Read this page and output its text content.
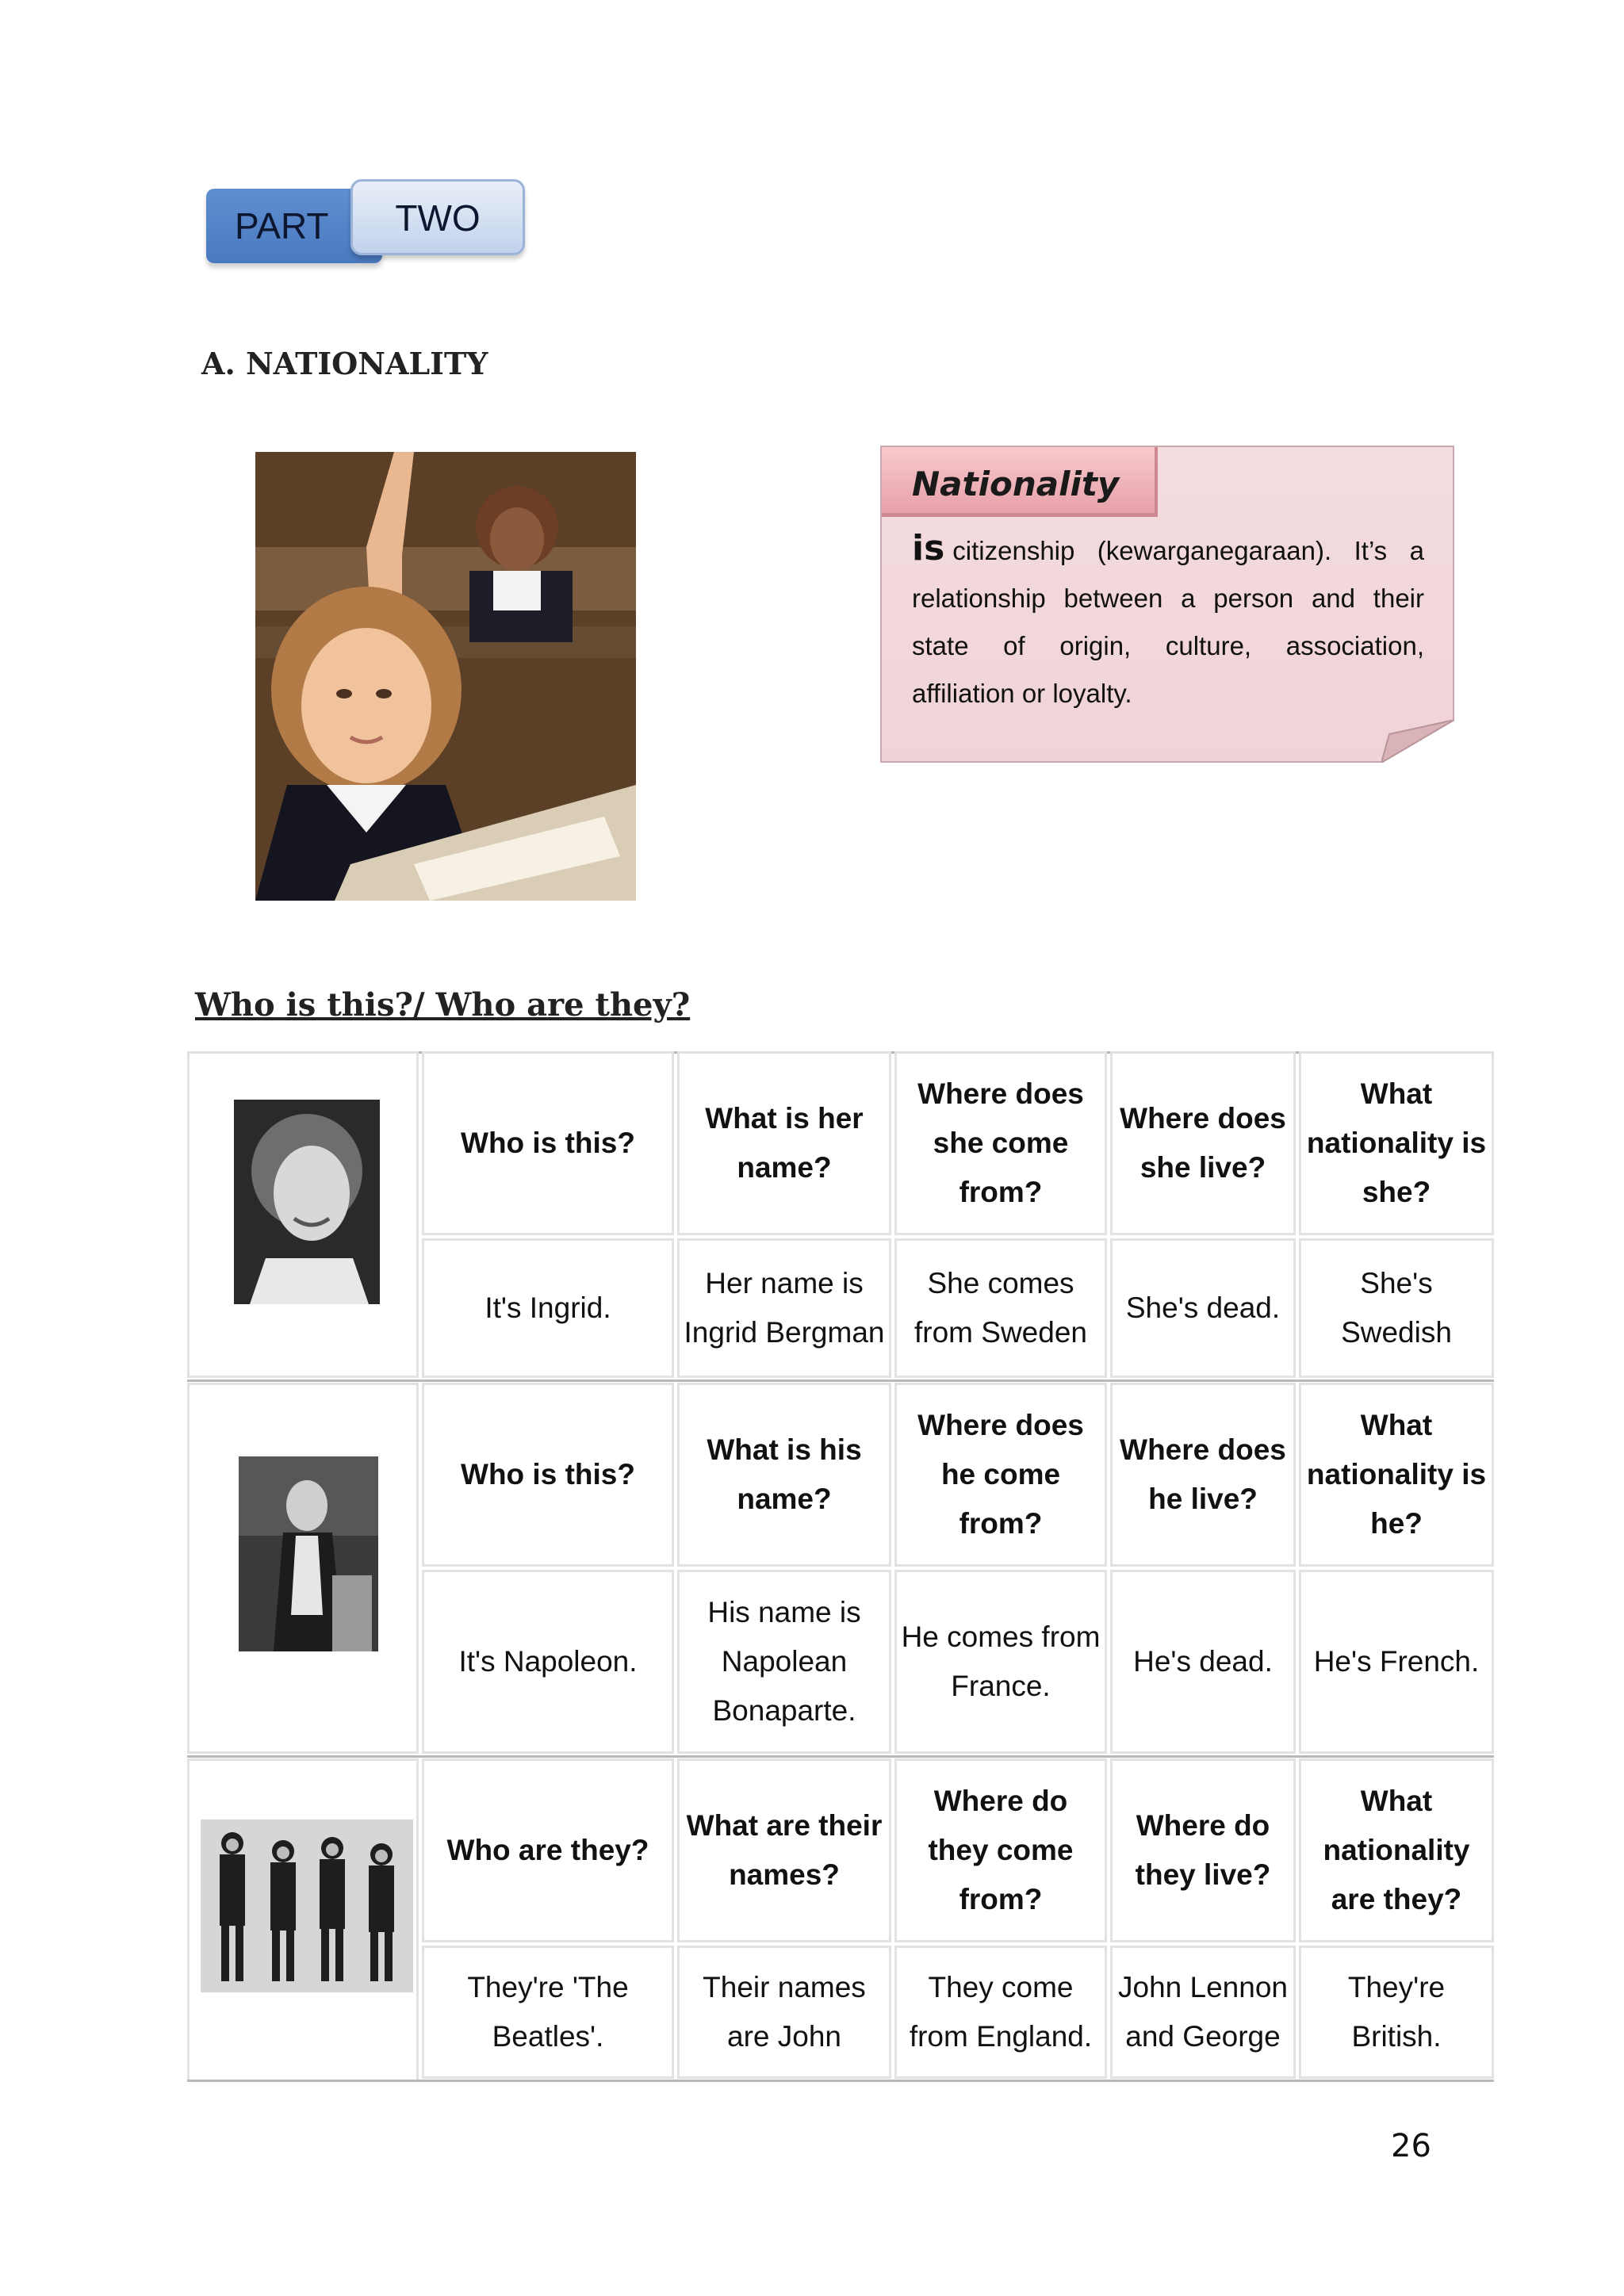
PART	TWO
A. NATIONALITY
Nationality
is citizenship (kewarganegaraan). It’s a relationship between a person and their state of origin, culture, association, affiliation or loyalty.
Who is this?/ Who are they?
Who is this?
What is her name?
Where does she come from?
Where does she live?
What nationality is she?
It's Ingrid.
Her name is Ingrid Bergman
She comes from Sweden
She's dead.
She's Swedish
Who is this?
What is his name?
Where does he come from?
Where does he live?
What nationality is he?
It's Napoleon.
His name is Napolean Bonaparte.
He comes from France.
He's dead.	He's French.
Who are they?
What are their names?
Where do they come from?
Where do they live?
What nationality are they?
They're 'The Beatles'.
Their names are John
They come from England.
John Lennon and George
They're British.
26
